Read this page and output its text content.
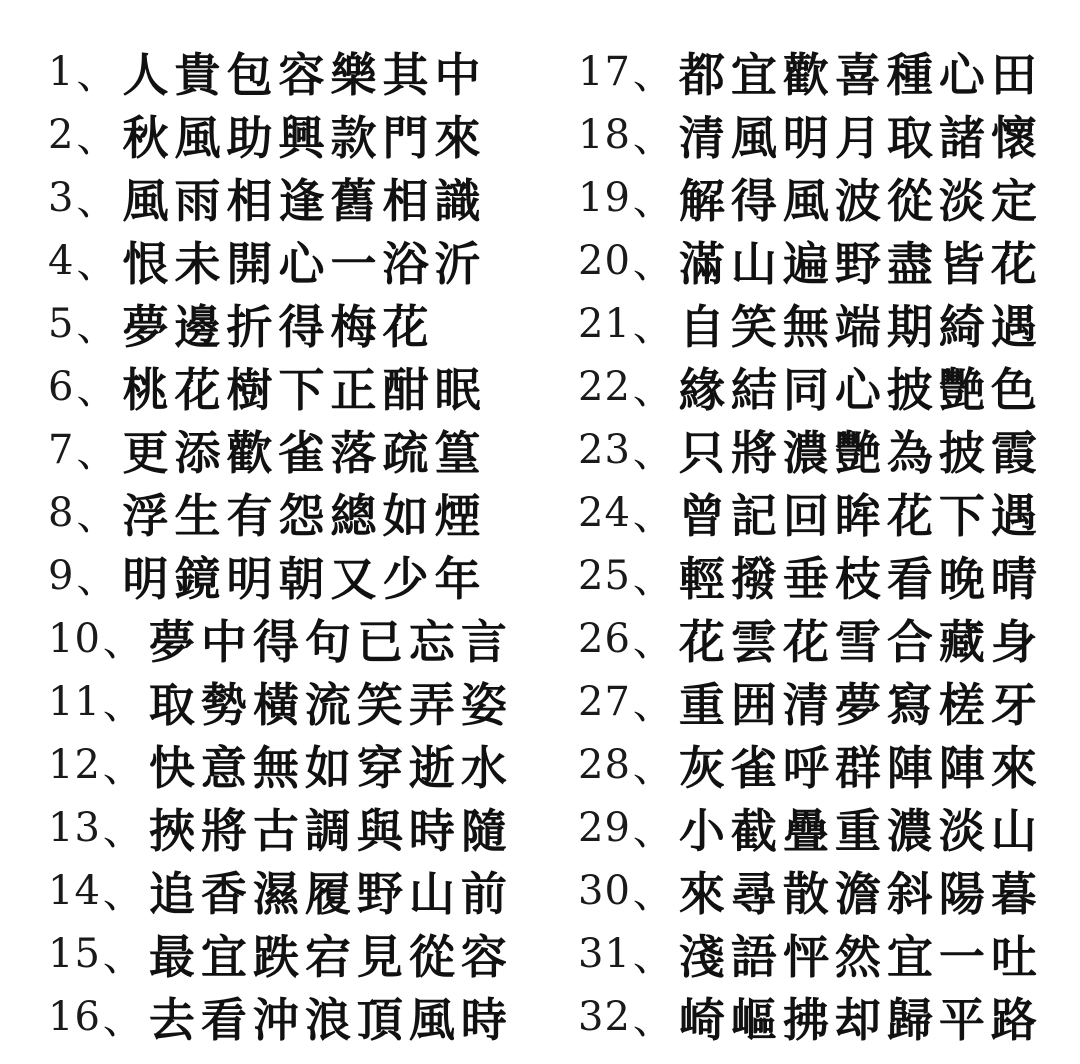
1 、 人貴包容樂其中
2 、 秋風助興款門來
3 、 風雨相逢舊相識
4 、 恨未開心一浴沂
5 、 夢邊折得梅花
6 、 桃花樹下正酣眠
7 、 更添歡雀落疏篁
8 、 浮生有怨總如煙
9 、 明鏡明朝又少年
10 、 夢中得句已忘言
11 、 取勢橫流笑弄姿
12 、 快意無如穿逝水
13 、 挾將古調與時隨
14 、 追香濕履野山前
15 、 最宜跌宕見從容
16 、 去看沖浪頂風時
17 、 都宜歡喜種心田
18 、 清風明月取諸懷
19 、 解得風波從淡定
20 、 滿山遍野盡皆花
21 、 自笑無端期綺遇
22 、 緣結同心披艷色
23 、 只將濃艷為披霞
24 、 曾記回眸花下遇
25 、 輕撥垂枝看晚晴
26 、 花雲花雪合藏身
27 、 重囲清夢寫槎牙
28 、 灰雀呼群陣陣來
29 、 小截疊重濃淡山
30 、 來尋散澹斜陽暮
31 、 淺語怦然宜一吐
32 、 崎嶇拂却歸平路
